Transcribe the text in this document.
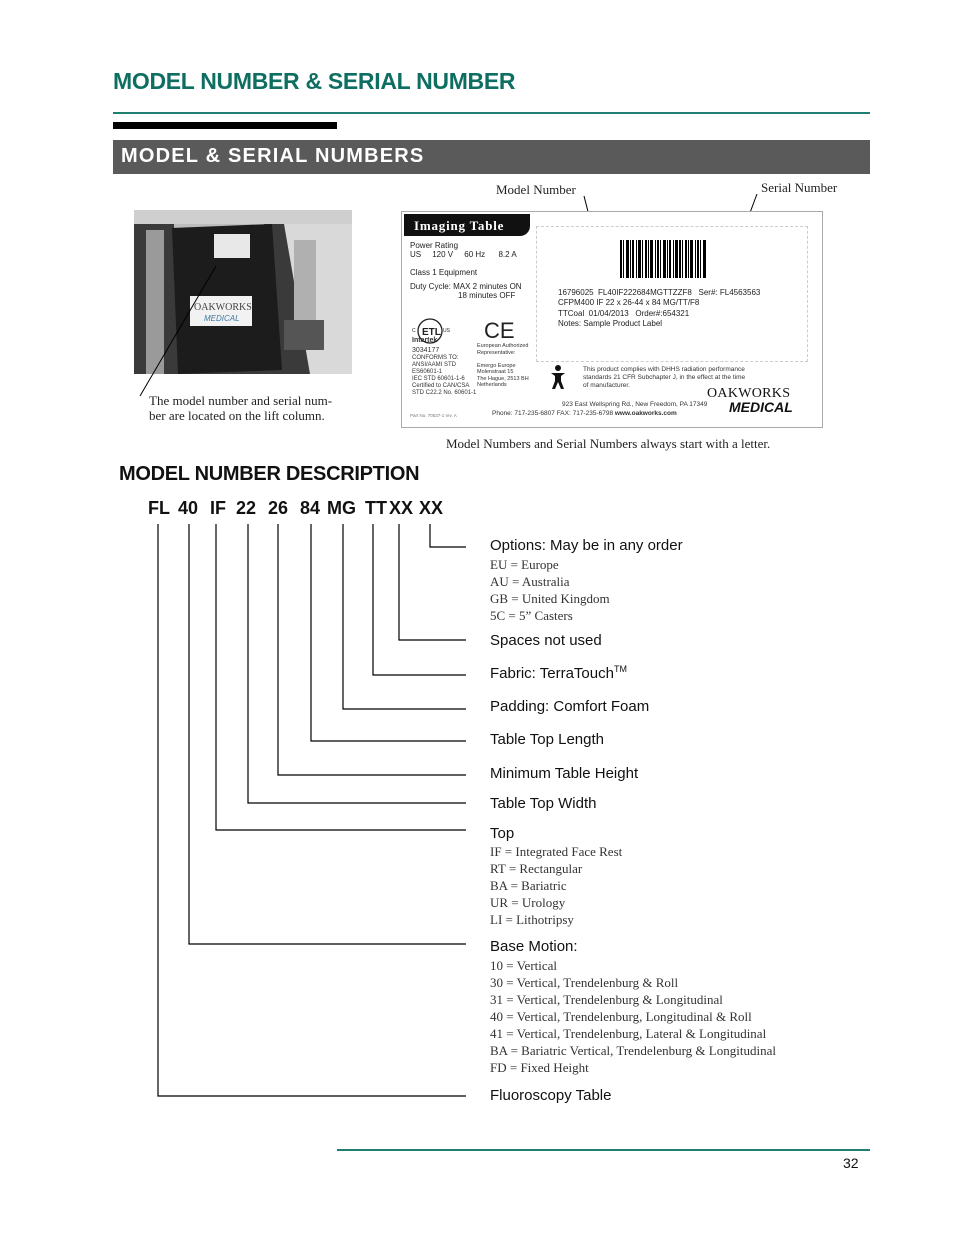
MODEL NUMBER & SERIAL NUMBER
MODEL & SERIAL NUMBERS
OAKWORKS
MEDICAL
The model number and serial num-
ber are located on the lift column.
Model Number	Serial Number
Imaging Table
Power Rating
US     120 V     60 Hz      8.2 A
Class 1 Equipment
Duty Cycle: MAX 2 minutes ON
18 minutes OFF
ETL
C	US
Intertek
3034177
CONFORMS TO:
ANSI/AAMI STD
ES60601-1
IEC STD 60601-1-6
Certified to CAN/CSA
STD C22.2 No. 60601-1
CE
European Authorized
Representative:

Emergo Europe
Molenstraat 15
The Hague, 2513 BH
Netherlands
16796025  FL40IF222684MGTTZZF8   Ser#: FL4563563
CFPM400 IF 22 x 26-44 x 84 MG/TT/F8
TTCoal  01/04/2013   Order#:654321
Notes: Sample Product Label
This product complies with DHHS radiation performance
standards 21 CFR Subchapter J, in the effect at the time
of manufacturer.
923 East Wellspring Rd., New Freedom, PA 17349
Phone: 717-235-6807 FAX: 717-235-6798 www.oakworks.com
Part No. 70537-1 rev. A
OAKWORKS
MEDICAL
Model Numbers and Serial Numbers always start with a letter.
MODEL NUMBER DESCRIPTION
FL 40 IF 22 26 84 MG TT XX XX
Options: May be in any order
EU = Europe
AU = Australia
GB = United Kingdom
5C = 5” Casters
Spaces not used
Fabric: TerraTouch™
Padding: Comfort Foam
Table Top Length
Minimum Table Height
Table Top Width
Top
IF = Integrated Face Rest
RT = Rectangular
BA = Bariatric
UR = Urology
LI = Lithotripsy
Base Motion:
10 = Vertical
30 = Vertical, Trendelenburg & Roll
31 = Vertical, Trendelenburg & Longitudinal
40 = Vertical, Trendelenburg, Longitudinal & Roll
41 = Vertical, Trendelenburg, Lateral & Longitudinal
BA = Bariatric Vertical, Trendelenburg & Longitudinal
FD = Fixed Height
Fluoroscopy Table
32
